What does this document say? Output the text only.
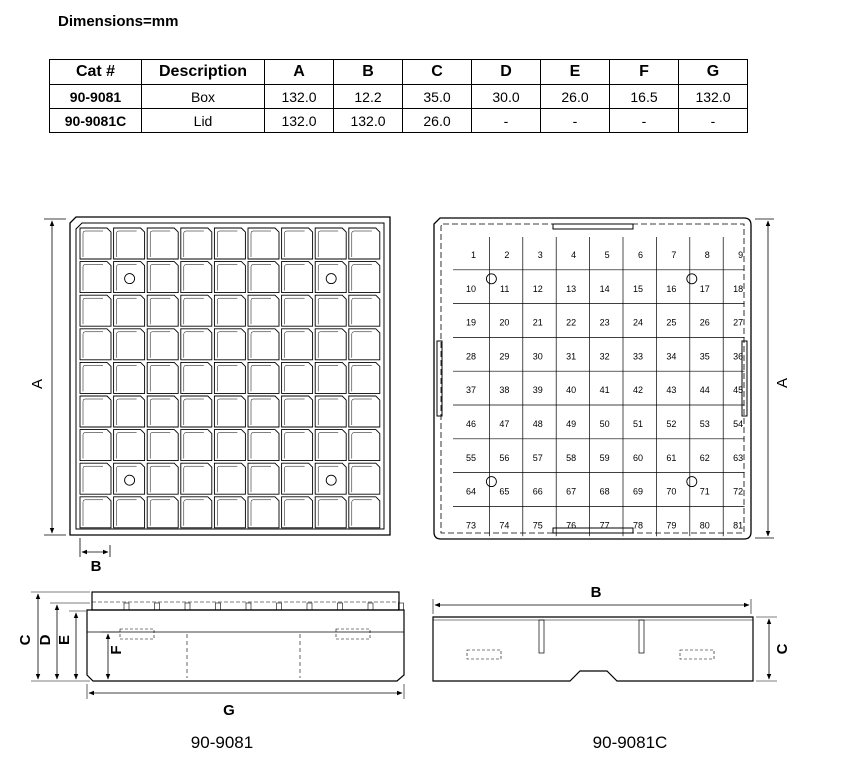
Dimensions=mm
Cat #	Description	A	B	C	D	E	F	G
90-9081	Box	132.0	12.2	35.0	30.0	26.0	16.5	132.0
90-9081C	Lid	132.0	132.0	26.0	-	-	-	-
A
B
1	2	3	4	5	6	7	8	9
10	11	12	13	14	15	16	17	18
19	20	21	22	23	24	25	26	27
28	29	30	31	32	33	34	35	36
37	38	39	40	41	42	43	44	45
46	47	48	49	50	51	52	53	54
55	56	57	58	59	60	61	62	63
64	65	66	67	68	69	70	71	72
73	74	75	76	77	78	79	80	81
A
C D E
F
G
90-9081
B
C
90-9081C
